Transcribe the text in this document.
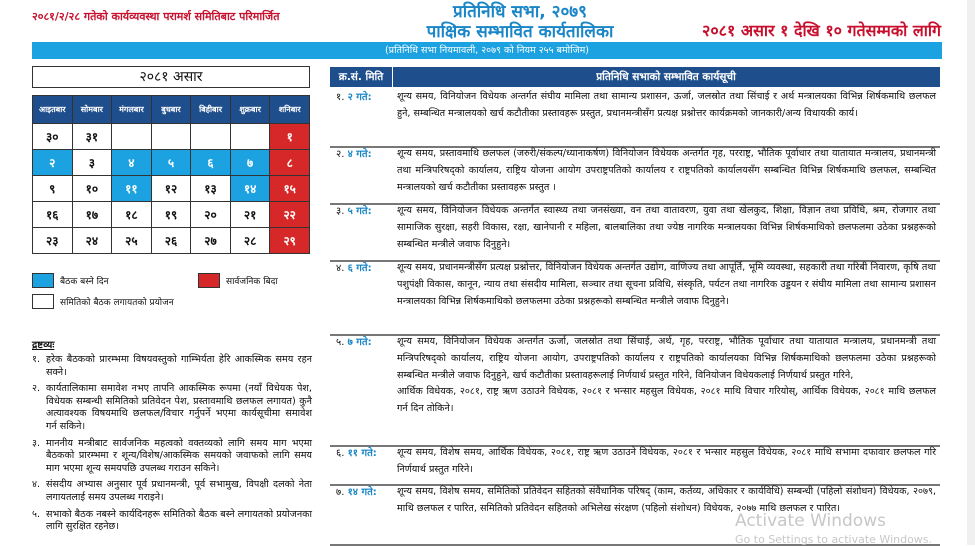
२०८१/२/२८ गतेको कार्यव्यवस्था परामर्श समितिबाट परिमार्जित	प्रतिनिधि सभा, २०७९
पाक्षिक सम्भावित कार्यतालिका	२०८१ असार १ देखि १० गतेसम्मको लागि
(प्रतिनिधि सभा नियमावली, २०७९ को नियम २५५ बमोजिम)
२०८१ असार
आइतबार	सोमबार	मंगलबार	बुधबार	बिहीबार	शुक्रबार	शनिबार
३०	३१					१
२	३	४	५	६	७	८
९	१०	११	१२	१३	१४	१५
१६	१७	१८	१९	२०	२१	२२
२३	२४	२५	२६	२७	२८	२९
बैठक बस्ने दिन	सार्वजनिक बिदा
समितिको बैठक लगायतको प्रयोजन
द्रष्टव्यः
१. हरेक बैठकको प्रारम्भमा विषयवस्तुको गाम्भिर्यता हेरि आकस्मिक समय रहन सक्ने।
२. कार्यतालिकामा समावेश नभए तापनि आकस्मिक रूपमा (नयाँ विधेयक पेश, विधेयक सम्बन्धी समितिको प्रतिवेदन पेश, प्रस्तावमाथि छलफल लगायत) कुनै अत्यावश्यक विषयमाथि छलफल/विचार गर्नुपर्ने भएमा कार्यसूचीमा समावेश गर्न सकिने।
३. माननीय मन्त्रीबाट सार्वजनिक महत्वको वक्तव्यको लागि समय माग भएमा बैठकको प्रारम्भमा र शून्य/विशेष/आकस्मिक समयको जवाफको लागि समय माग भएमा शून्य समयपछि उपलब्ध गराउन सकिने।
४. संसदीय अभ्यास अनुसार पूर्व प्रधानमन्त्री, पूर्व सभामुख, विपक्षी दलको नेता लगायतलाई समय उपलब्ध गराइने।
५. सभाको बैठक नबस्ने कार्यदिनहरू समितिको बैठक बस्ने लगायतको प्रयोजनका लागि सुरक्षित रहनेछ।
क्र.सं. मिति	प्रतिनिधि सभाको सम्भावित कार्यसूची
१. २ गते:	शून्य समय, विनियोजन विधेयक अन्तर्गत संघीय मामिला तथा सामान्य प्रशासन, ऊर्जा, जलस्रोत तथा सिंचाई र अर्थ मन्त्रालयका विभिन्न शिर्षकमाथि छलफल हुने, सम्बन्धित मन्त्रालयको खर्च कटौतीका प्रस्तावहरू प्रस्तुत, प्रधानमन्त्रीसँग प्रत्यक्ष प्रश्नोत्तर कार्यक्रमको जानकारी/अन्य विधायकी कार्य।
२. ४ गते:	शून्य समय, प्रस्तावमाथि छलफल (जरुरी/संकल्प/ध्यानाकर्षण) विनियोजन विधेयक अन्तर्गत गृह, परराष्ट्र, भौतिक पूर्वाधार तथा यातायात मन्त्रालय, प्रधानमन्त्री तथा मन्त्रिपरिषद्को कार्यालय, राष्ट्रिय योजना आयोग उपराष्ट्रपतिको कार्यालय र राष्ट्रपतिको कार्यालयसँग सम्बन्धित विभिन्न शिर्षकमाथि छलफल, सम्बन्धित मन्त्रालयको खर्च कटौतीका प्रस्तावहरू प्रस्तुत ।
३. ५ गते:	शून्य समय, विनियोजन विधेयक अन्तर्गत स्वास्थ्य तथा जनसंख्या, वन तथा वातावरण, युवा तथा खेलकुद, शिक्षा, विज्ञान तथा प्रविधि, श्रम, रोजगार तथा सामाजिक सुरक्षा, सहरी विकास, रक्षा, खानेपानी र महिला, बालबालिका तथा ज्येष्ठ नागरिक मन्त्रालयका विभिन्न शिर्षकमाथिको छलफलमा उठेका प्रश्नहरूको सम्बन्धित मन्त्रीले जवाफ दिनुहुने।
४. ६ गते:	शून्य समय, प्रधानमन्त्रीसँग प्रत्यक्ष प्रश्नोत्तर, विनियोजन विधेयक अन्तर्गत उद्योग, वाणिज्य तथा आपूर्ति, भूमि व्यवस्था, सहकारी तथा गरिबी निवारण, कृषि तथा पशुपंक्षी विकास, कानून, न्याय तथा संसदीय मामिला, सञ्चार तथा सूचना प्रविधि, संस्कृति, पर्यटन तथा नागरिक उड्डयन र संघीय मामिला तथा सामान्य प्रशासन मन्त्रालयका विभिन्न शिर्षकमाथिको छलफलमा उठेका प्रश्नहरूको सम्बन्धित मन्त्रीले जवाफ दिनुहुने।
५. ७ गते:	शून्य समय, विनियोजन विधेयक अन्तर्गत ऊर्जा, जलस्रोत तथा सिंचाई, अर्थ, गृह, परराष्ट्र, भौतिक पूर्वाधार तथा यातायात मन्त्रालय, प्रधानमन्त्री तथा मन्त्रिपरिषद्को कार्यालय, राष्ट्रिय योजना आयोग, उपराष्ट्रपतिको कार्यालय र राष्ट्रपतिको कार्यालयका विभिन्न शिर्षकमाथिको छलफलमा उठेका प्रश्नहरूको सम्बन्धित मन्त्रीले जवाफ दिनुहुने, खर्च कटौतीका प्रस्तावहरूलाई निर्णयार्थ प्रस्तुत गरिने, विनियोजन विधेयकलाई निर्णयार्थ प्रस्तुत गरिने,
आर्थिक विधेयक, २०८१, राष्ट्र ऋण उठाउने विधेयक, २०८१ र भन्सार महसुल विधेयक, २०८१ माथि विचार गरियोस्, आर्थिक विधेयक, २०८१ माथि छलफल गर्न दिन तोकिने।
६. ११ गते: शून्य समय, विशेष समय, आर्थिक विधेयक, २०८१, राष्ट्र ऋण उठाउने विधेयक, २०८१ र भन्सार महसुल विधेयक, २०८१ माथि सभामा दफावार छलफल गरि निर्णयार्थ प्रस्तुत गरिने।
७. १४ गते: शून्य समय, विशेष समय, समितिको प्रतिवेदन सहितको संवैधानिक परिषद् (काम, कर्तव्य, अधिकार र कार्यविधि) सम्बन्धी (पहिलो संशोधन) विधेयक, २०७९, माथि छलफल र पारित, समितिको प्रतिवेदन सहितको अभिलेख संरक्षण (पहिलो संशोधन) विधेयक, २०७७ माथि छलफल र पारित।
Activate Windows
Go to Settings to activate Windows.
